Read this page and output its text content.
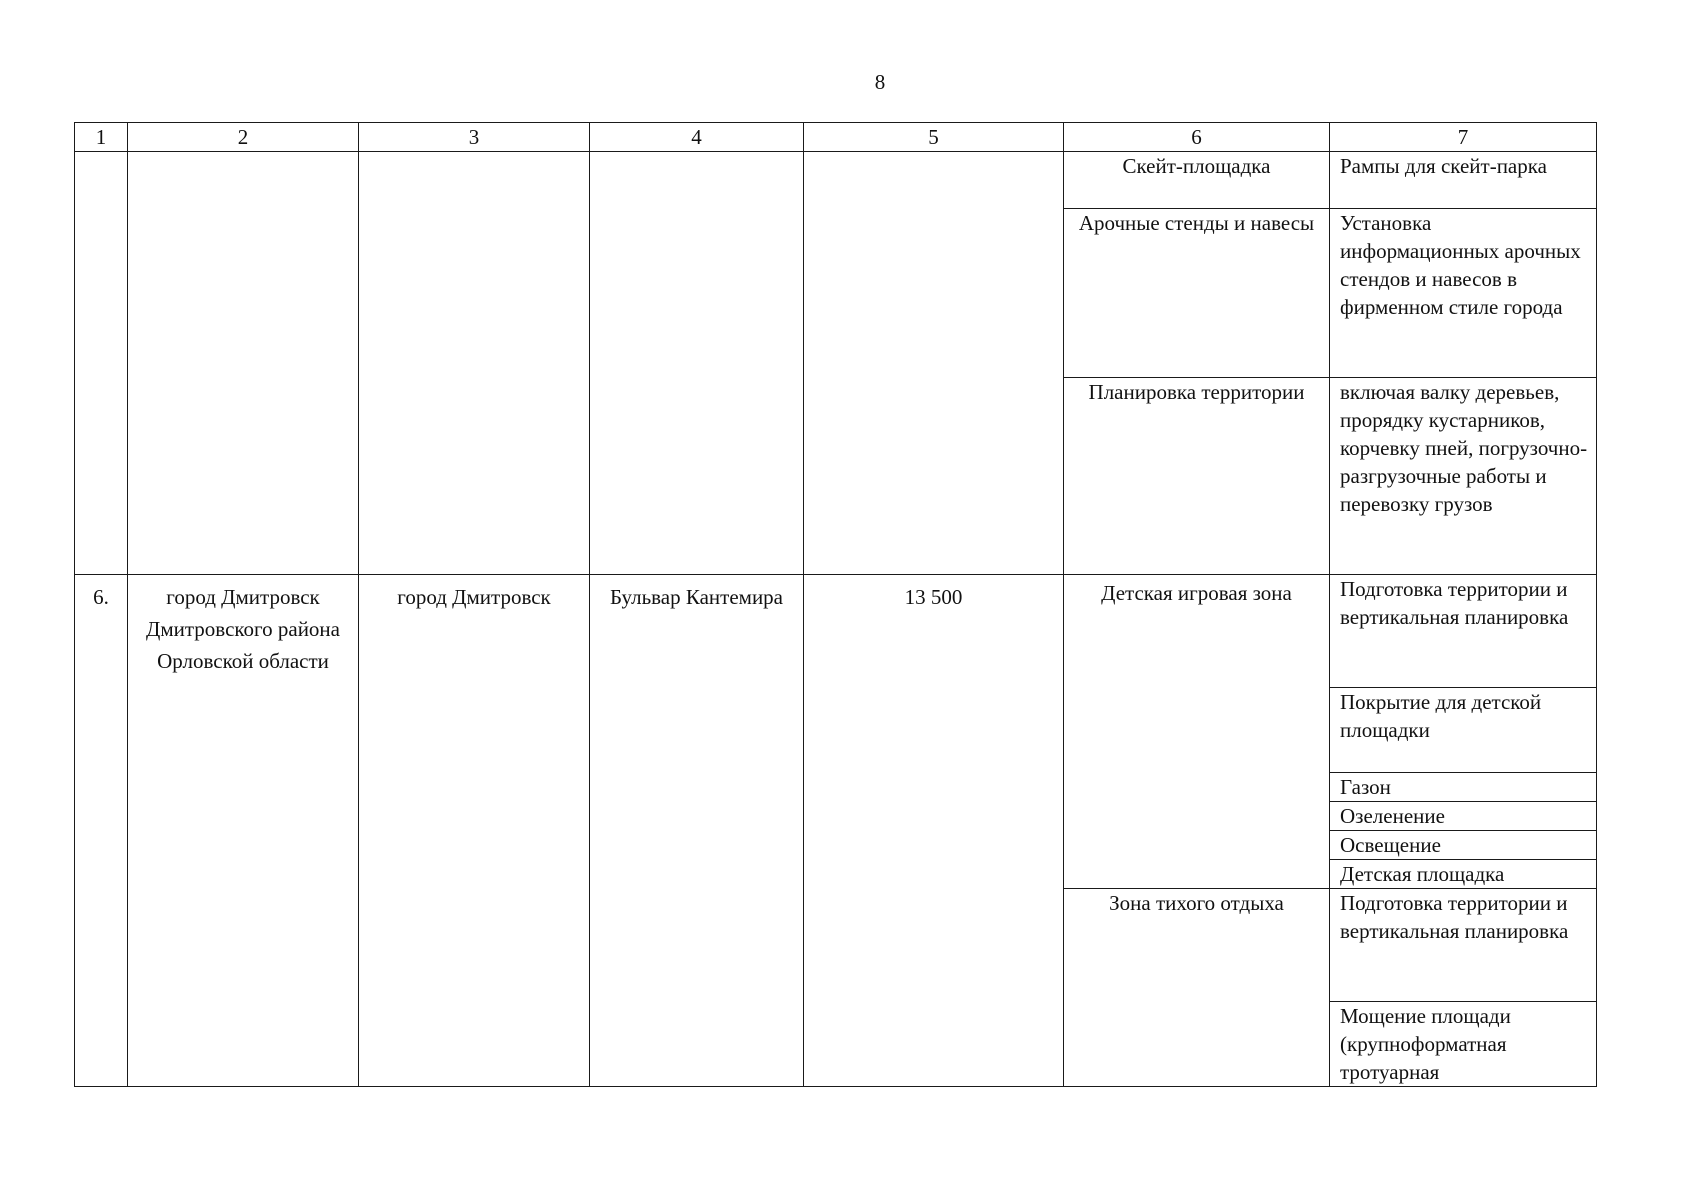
8
1	2	3	4	5	6	7
					Скейт-площадка	Рампы для скейт-парка
					Арочные стенды и навесы	Установка информационных арочных стендов и навесов в фирменном стиле города
					Планировка территории	включая валку деревьев, прорядку кустарников, корчевку пней, погрузочно-разгрузочные работы и перевозку грузов
6.	город Дмитровск Дмитровского района Орловской области	город Дмитровск	Бульвар Кантемира	13 500	Детская игровая зона	Подготовка территории и вертикальная планировка
						Покрытие для детской площадки
						Газон
						Озеленение
						Освещение
						Детская площадка
					Зона тихого отдыха	Подготовка территории и вертикальная планировка
						Мощение площади (крупноформатная тротуарная
